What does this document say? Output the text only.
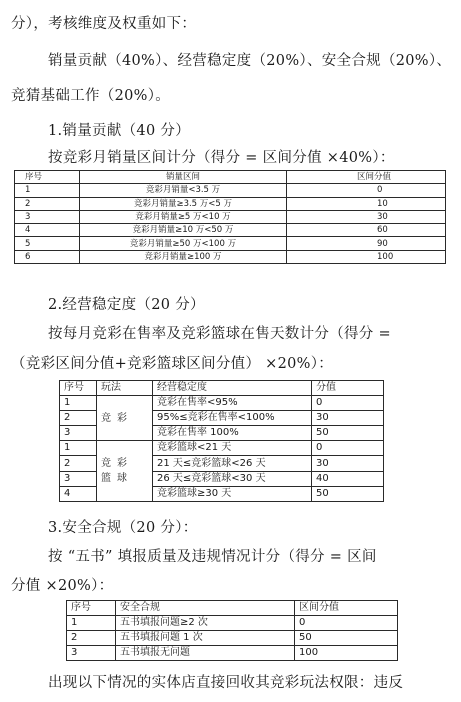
分），考核维度及权重如下：
销量贡献（40%）、经营稳定度（20%）、安全合规（20%）、
竞猜基础工作（20%）。
1.销量贡献（40 分）
按竞彩月销量区间计分（得分 = 区间分值 ×40%）：
序号	销量区间	区间分值
1	竞彩月销量<3.5 万	0
2	竞彩月销量≥3.5 万<5 万	10
3	竞彩月销量≥5 万<10 万	30
4	竞彩月销量≥10 万<50 万	60
5	竞彩月销量≥50 万<100 万	90
6	竞彩月销量≥100 万	100
2.经营稳定度（20 分）
按每月竞彩在售率及竞彩篮球在售天数计分（得分 =
（竞彩区间分值+竞彩篮球区间分值） ×20%）：
序号	玩法	经营稳定度	分值
1	竞彩	竞彩在售率<95%	0
2		95%≤竞彩在售率<100%	30
3		竞彩在售率 100%	50
1	竞彩篮球	竞彩篮球<21 天	0
2		21 天≤竞彩篮球<26 天	30
3		26 天≤竞彩篮球<30 天	40
4		竞彩篮球≥30 天	50
3.安全合规（20 分）：
按 “五书” 填报质量及违规情况计分（得分 = 区间
分值 ×20%）：
序号	安全合规	区间分值
1	五书填报问题≥2 次	0
2	五书填报问题 1 次	50
3	五书填报无问题	100
出现以下情况的实体店直接回收其竞彩玩法权限：违反
